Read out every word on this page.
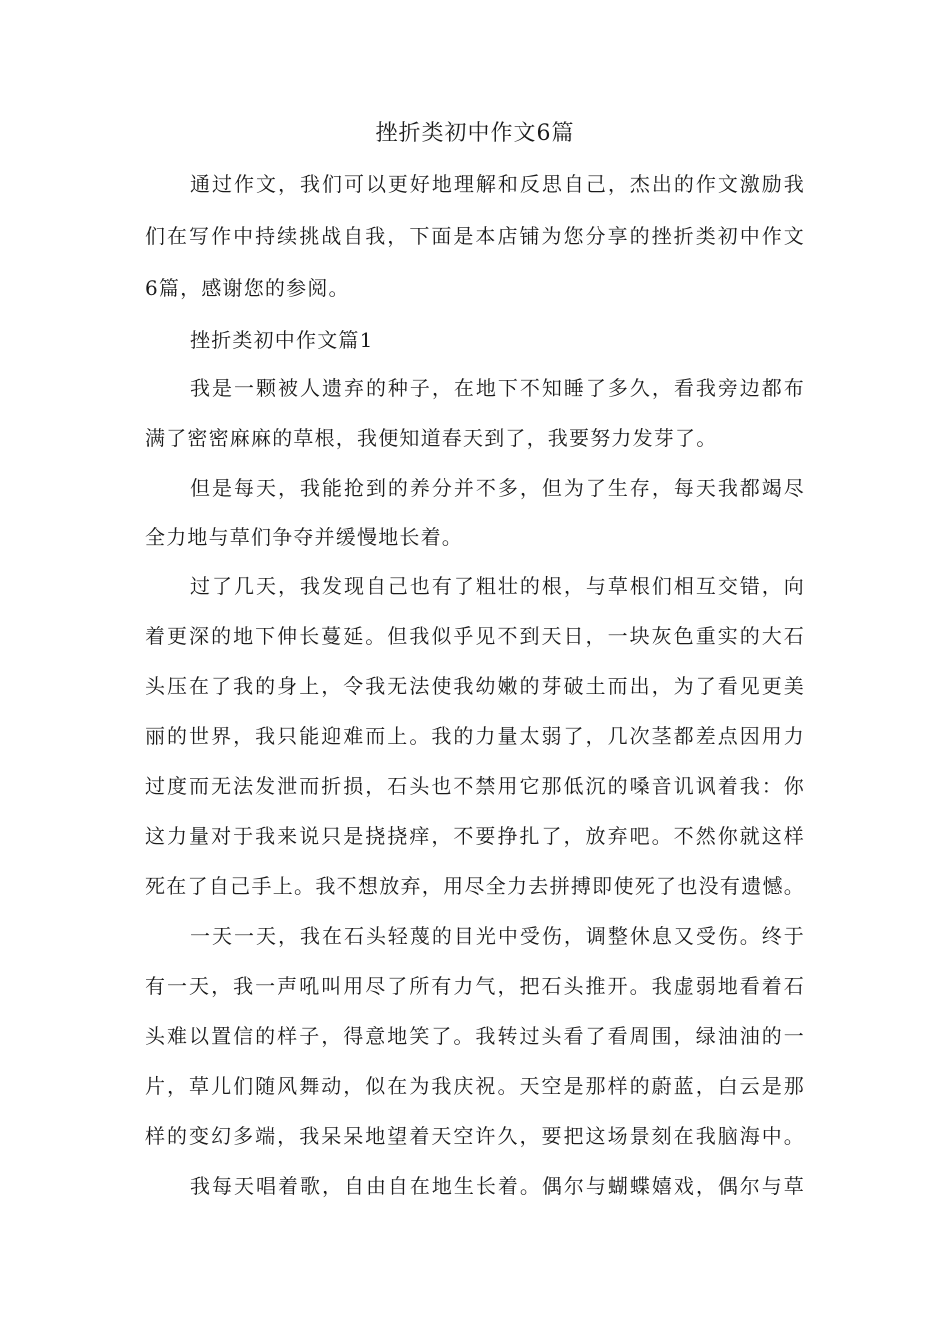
挫折类初中作文6篇
通过作文，我们可以更好地理解和反思自己，杰出的作文激励我
们在写作中持续挑战自我，下面是本店铺为您分享的挫折类初中作文
6篇，感谢您的参阅。
挫折类初中作文篇1
我是一颗被人遗弃的种子，在地下不知睡了多久，看我旁边都布
满了密密麻麻的草根，我便知道春天到了，我要努力发芽了。
但是每天，我能抢到的养分并不多，但为了生存，每天我都竭尽
全力地与草们争夺并缓慢地长着。
过了几天，我发现自己也有了粗壮的根，与草根们相互交错，向
着更深的地下伸长蔓延。但我似乎见不到天日，一块灰色重实的大石
头压在了我的身上，令我无法使我幼嫩的芽破土而出，为了看见更美
丽的世界，我只能迎难而上。我的力量太弱了，几次茎都差点因用力
过度而无法发泄而折损，石头也不禁用它那低沉的嗓音讥讽着我：你
这力量对于我来说只是挠挠痒，不要挣扎了，放弃吧。不然你就这样
死在了自己手上。我不想放弃，用尽全力去拼搏即使死了也没有遗憾。
一天一天，我在石头轻蔑的目光中受伤，调整休息又受伤。终于
有一天，我一声吼叫用尽了所有力气，把石头推开。我虚弱地看着石
头难以置信的样子，得意地笑了。我转过头看了看周围，绿油油的一
片，草儿们随风舞动，似在为我庆祝。天空是那样的蔚蓝，白云是那
样的变幻多端，我呆呆地望着天空许久，要把这场景刻在我脑海中。
我每天唱着歌，自由自在地生长着。偶尔与蝴蝶嬉戏，偶尔与草
